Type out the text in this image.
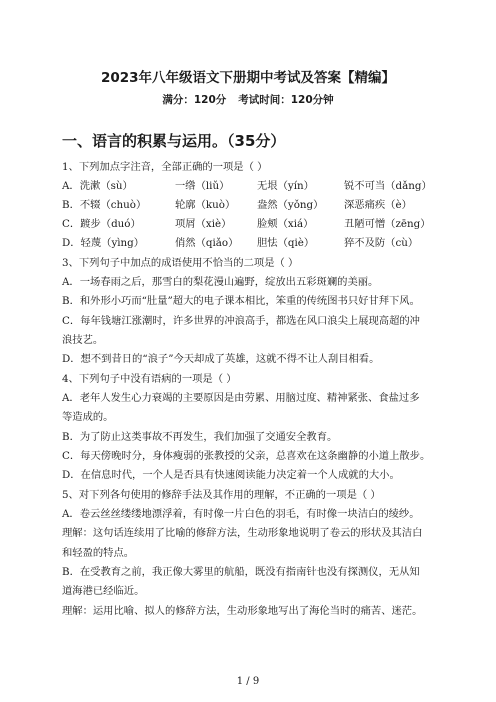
2023年八年级语文下册期中考试及答案【精编】
满分：120分 考试时间：120分钟
一、语言的积累与运用。（35分）
1、下列加点字注音，全部正确的一项是（ ）
A．洗漱（sù）	一绺（liǔ）	无垠（yín）	锐不可当（dǎng）
B．不辍（chuò）	轮廓（kuò） 盎然（yǒng） 深恶痛疾（è）
C．踱步（duó）	项屑（xiè） 脸颊（xiá）	丑陋可憎（zēng）
D．轻蔑（yìng）	俏然（qiǎo） 胆怯（qiè）	猝不及防（cù）
3、下列句子中加点的成语使用不恰当的二项是（ ）
A．一场春雨之后，那雪白的梨花漫山遍野，绽放出五彩斑斓的美丽。
B．和外形小巧而“肚量”超大的电子课本相比，笨重的传统图书只好甘拜下风。
C．每年钱塘江涨潮时，许多世界的冲浪高手，都选在风口浪尖上展现高超的冲
浪技艺。
D．想不到昔日的“浪子”今天却成了英雄，这就不得不让人刮目相看。
4、下列句子中没有语病的一项是（ ）
A．老年人发生心力衰竭的主要原因是由劳累、用脑过度、精神紧张、食盐过多
等造成的。
B．为了防止这类事故不再发生，我们加强了交通安全教育。
C．每天傍晚时分，身体瘦弱的张教授的父亲，总喜欢在这条幽静的小道上散步。
D．在信息时代，一个人是否具有快速阅读能力决定着一个人成就的大小。
5、对下列各句使用的修辞手法及其作用的理解，不正确的一项是（ ）
A．卷云丝丝缕缕地漂浮着，有时像一片白色的羽毛，有时像一块洁白的绫纱。
理解：这句话连续用了比喻的修辞方法，生动形象地说明了卷云的形状及其洁白
和轻盈的特点。
B．在受教育之前，我正像大雾里的航船，既没有指南针也没有探测仪，无从知
道海港已经临近。
理解：运用比喻、拟人的修辞方法，生动形象地写出了海伦当时的痛苦、迷茫。
1 / 9
